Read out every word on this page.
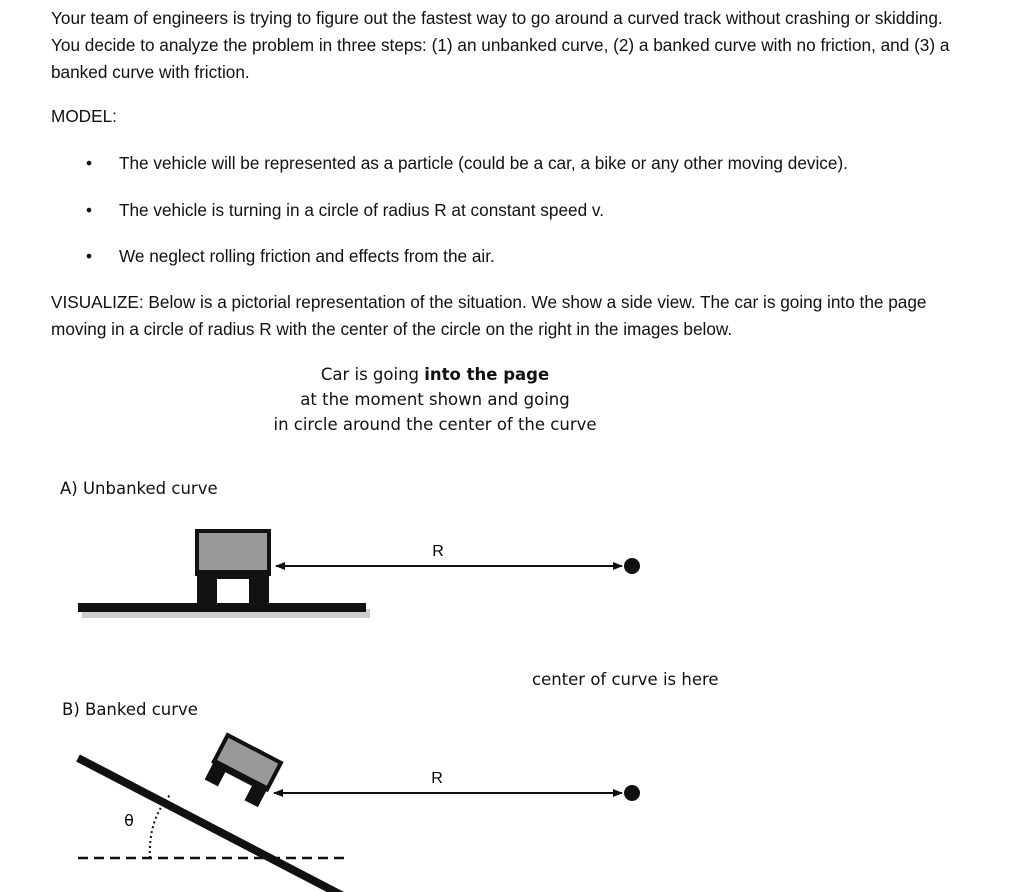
Your team of engineers is trying to figure out the fastest way to go around a curved track without crashing or skidding. You decide to analyze the problem in three steps: (1) an unbanked curve, (2) a banked curve with no friction, and (3) a banked curve with friction.

MODEL:

• The vehicle will be represented as a particle (could be a car, a bike or any other moving device).
• The vehicle is turning in a circle of radius R at constant speed v.
• We neglect rolling friction and effects from the air.

VISUALIZE: Below is a pictorial representation of the situation. We show a side view. The car is going into the page moving in a circle of radius R with the center of the circle on the right in the images below.

Car is going into the page
at the moment shown and going
in circle around the center of the curve
A) Unbanked curve
center of curve is here
B) Banked curve
R
θ
R
